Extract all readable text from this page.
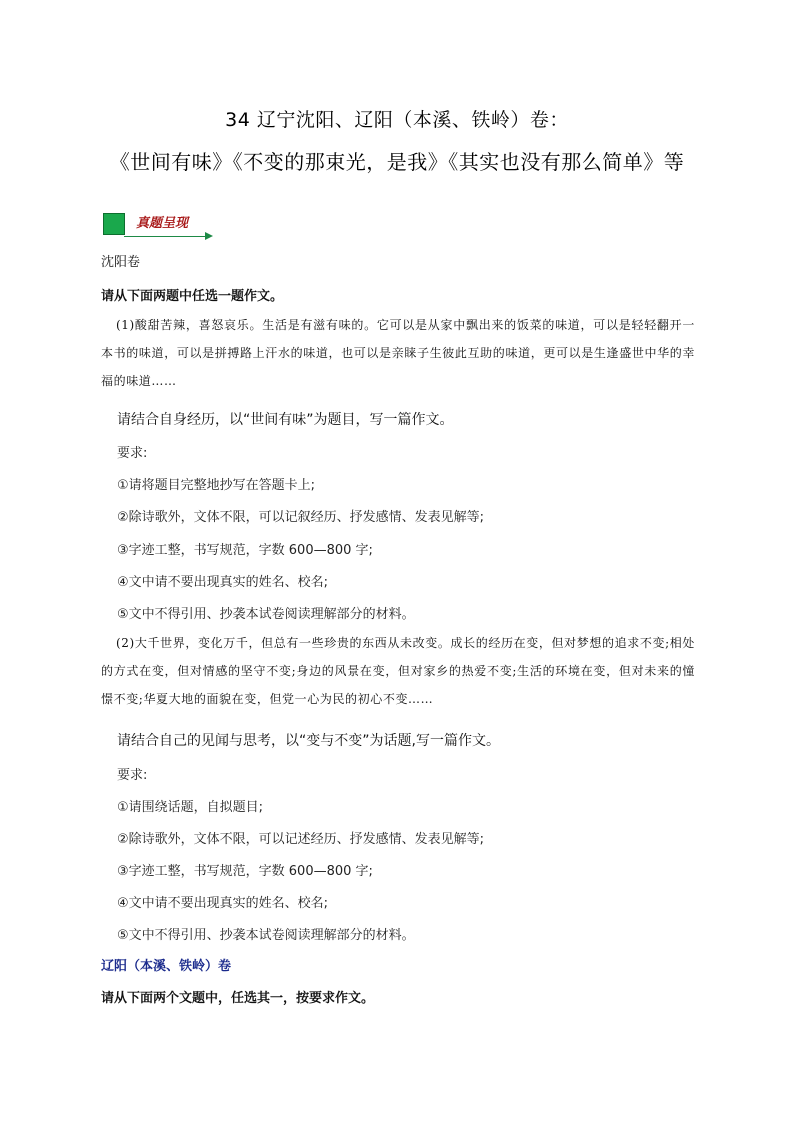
34 辽宁沈阳、辽阳（本溪、铁岭）卷：
《世间有味》《不变的那束光，是我》《其实也没有那么简单》等
真题呈现
沈阳卷
请从下面两题中任选一题作文。
(1)酸甜苦辣，喜怒哀乐。生活是有滋有味的。它可以是从家中飘出来的饭菜的味道，可以是轻轻翻开一本书的味道，可以是拼搏路上汗水的味道，也可以是亲睐子生彼此互助的味道，更可以是生逢盛世中华的幸福的味道……
请结合自身经历，以“世间有味”为题目，写一篇作文。
要求:
①请将题目完整地抄写在答题卡上;
②除诗歌外，文体不限，可以记叙经历、抒发感情、发表见解等;
③字迹工整，书写规范，字数 600—800 字;
④文中请不要出现真实的姓名、校名;
⑤文中不得引用、抄袭本试卷阅读理解部分的材料。
(2)大千世界，变化万千，但总有一些珍贵的东西从未改变。成长的经历在变，但对梦想的追求不变;相处的方式在变，但对情感的坚守不变;身边的风景在变，但对家乡的热爱不变;生活的环境在变，但对未来的憧憬不变;华夏大地的面貌在变，但党一心为民的初心不变……
请结合自己的见闻与思考，以“变与不变”为话题,写一篇作文。
要求:
①请围绕话题，自拟题目;
②除诗歌外，文体不限，可以记述经历、抒发感情、发表见解等;
③字迹工整，书写规范，字数 600—800 字;
④文中请不要出现真实的姓名、校名;
⑤文中不得引用、抄袭本试卷阅读理解部分的材料。
辽阳（本溪、铁岭）卷
请从下面两个文题中，任选其一，按要求作文。
